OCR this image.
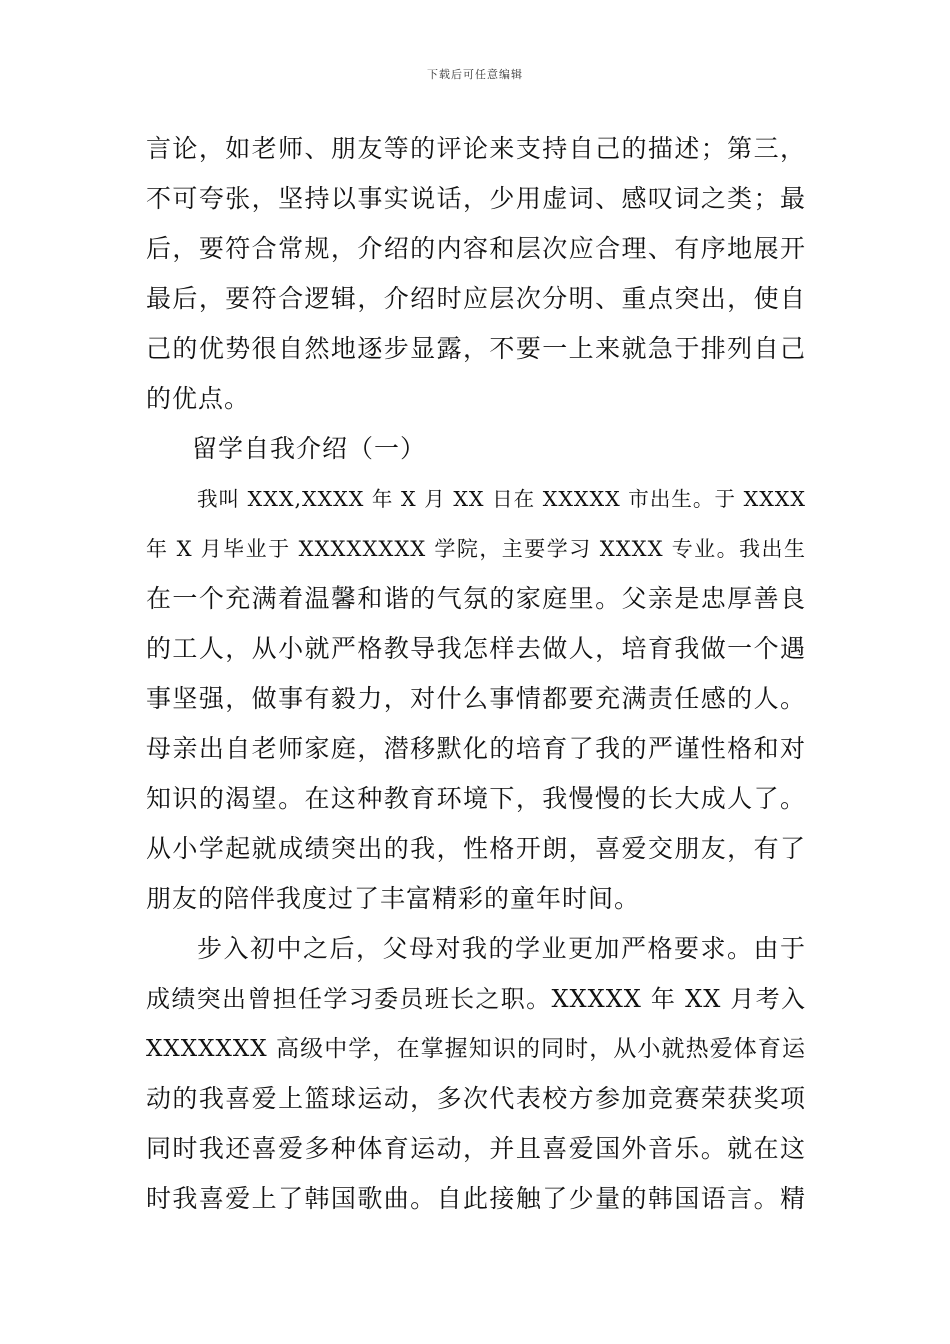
下载后可任意编辑
言论，如老师、朋友等的评论来支持自己的描述；第三，
不可夸张，坚持以事实说话，少用虚词、感叹词之类；最
后，要符合常规，介绍的内容和层次应合理、有序地展开
最后，要符合逻辑，介绍时应层次分明、重点突出，使自
己的优势很自然地逐步显露，不要一上来就急于排列自己
的优点。
留学自我介绍（一）
我叫 XXX,XXXX 年 X 月 XX 日在 XXXXX 市出生。于 XXXX
年 X 月毕业于 XXXXXXXX 学院，主要学习 XXXX 专业。我出生
在一个充满着温馨和谐的气氛的家庭里。父亲是忠厚善良
的工人，从小就严格教导我怎样去做人，培育我做一个遇
事坚强，做事有毅力，对什么事情都要充满责任感的人。
母亲出自老师家庭，潜移默化的培育了我的严谨性格和对
知识的渴望。在这种教育环境下，我慢慢的长大成人了。
从小学起就成绩突出的我，性格开朗，喜爱交朋友，有了
朋友的陪伴我度过了丰富精彩的童年时间。
步入初中之后，父母对我的学业更加严格要求。由于
成绩突出曾担任学习委员班长之职。XXXXX 年 XX 月考入
XXXXXXX 高级中学，在掌握知识的同时，从小就热爱体育运
动的我喜爱上篮球运动，多次代表校方参加竞赛荣获奖项
同时我还喜爱多种体育运动，并且喜爱国外音乐。就在这
时我喜爱上了韩国歌曲。自此接触了少量的韩国语言。精
